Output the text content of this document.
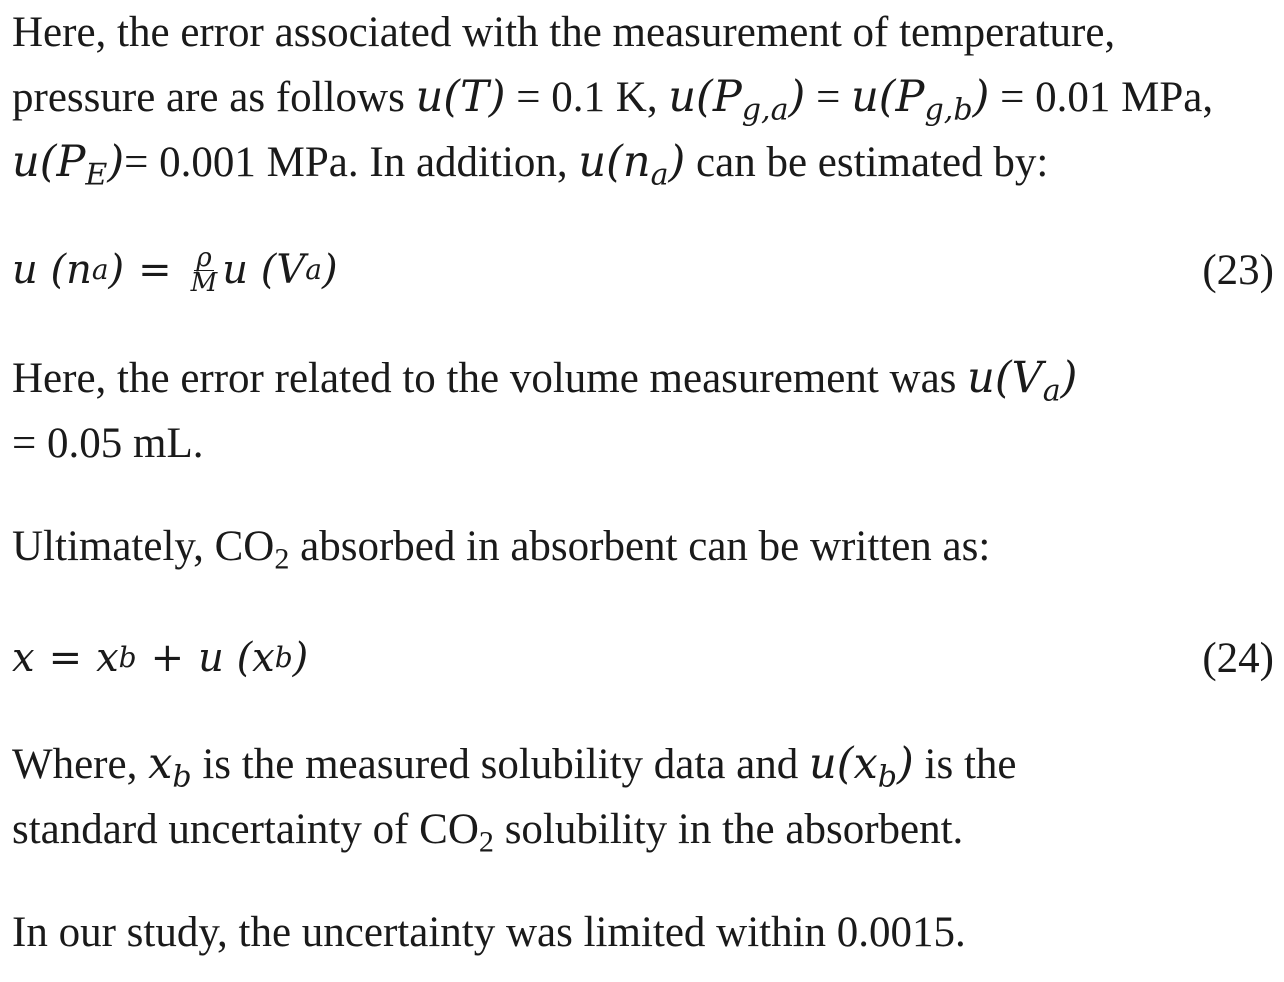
Here, the error associated with the measurement of temperature,
pressure are as follows u(T) = 0.1 K, $u(P_{g,a}) = u(P_{g,b}) = 0.01$ MPa,
$u(P_E)= 0.001$ MPa. In addition, $u(n_a)$ can be estimated by:
u (n a ) = $\frac{\rho}{M}$ u (V a )	(23)
Here, the error related to the volume measurement was $u(V_a)$
= 0.05 mL.
Ultimately, CO2 absorbed in absorbent can be written as:
x = x b + u (x b )	(24)
Where, $x_b$ is the measured solubility data and $u(x_b)$ is the
standard uncertainty of CO2 solubility in the absorbent.
In our study, the uncertainty was limited within 0.0015.
